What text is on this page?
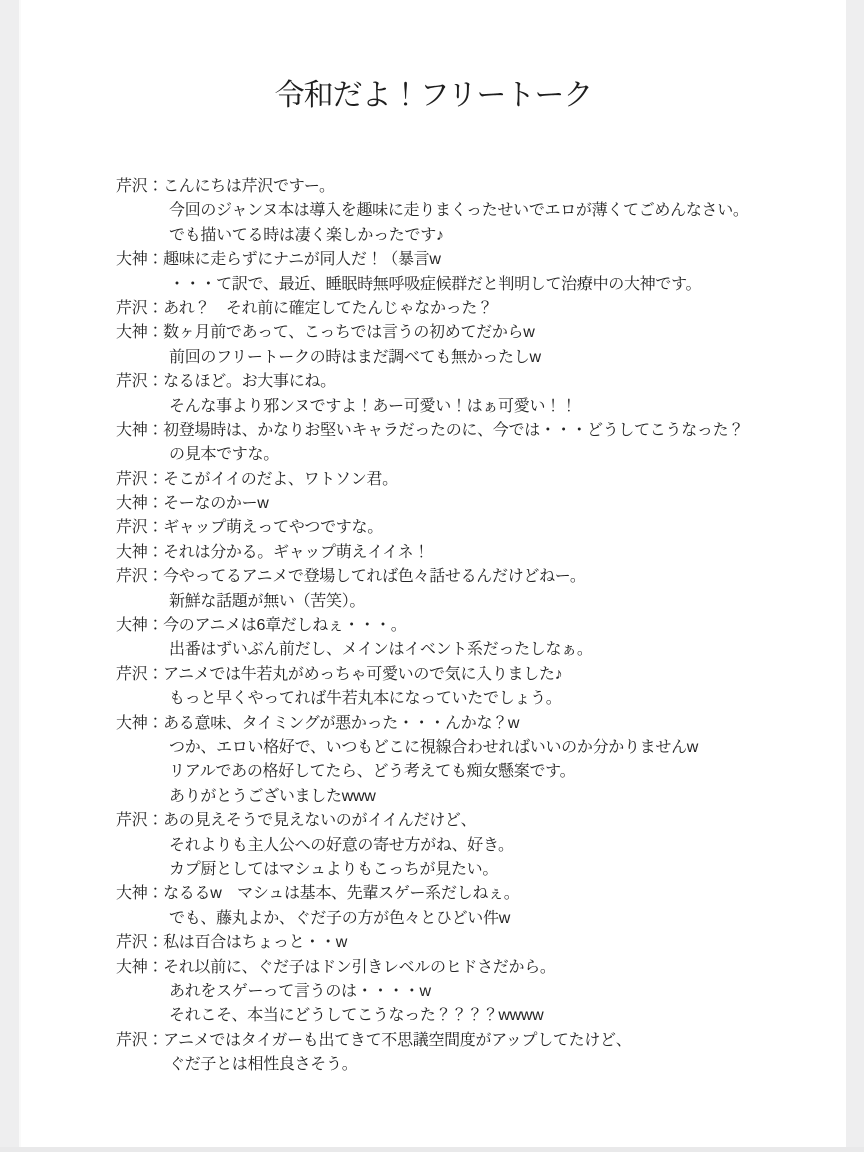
令和だよ！フリートーク
芹沢：こんにちは芹沢ですー。
今回のジャンヌ本は導入を趣味に走りまくったせいでエロが薄くてごめんなさい。
でも描いてる時は凄く楽しかったです♪
大神：趣味に走らずにナニが同人だ！（暴言w
・・・て訳で、最近、睡眠時無呼吸症候群だと判明して治療中の大神です。
芹沢：あれ？　それ前に確定してたんじゃなかった？
大神：数ヶ月前であって、こっちでは言うの初めてだからw
前回のフリートークの時はまだ調べても無かったしw
芹沢：なるほど。お大事にね。
そんな事より邪ンヌですよ！あー可愛い！はぁ可愛い！！
大神：初登場時は、かなりお堅いキャラだったのに、今では・・・どうしてこうなった？
の見本ですな。
芹沢：そこがイイのだよ、ワトソン君。
大神：そーなのかーw
芹沢：ギャップ萌えってやつですな。
大神：それは分かる。ギャップ萌えイイネ！
芹沢：今やってるアニメで登場してれば色々話せるんだけどねー。
新鮮な話題が無い（苦笑）。
大神：今のアニメは6章だしねぇ・・・。
出番はずいぶん前だし、メインはイベント系だったしなぁ。
芹沢：アニメでは牛若丸がめっちゃ可愛いので気に入りました♪
もっと早くやってれば牛若丸本になっていたでしょう。
大神：ある意味、タイミングが悪かった・・・んかな？w
つか、エロい格好で、いつもどこに視線合わせればいいのか分かりませんw
リアルであの格好してたら、どう考えても痴女懸案です。
ありがとうございましたwww
芹沢：あの見えそうで見えないのがイイんだけど、
それよりも主人公への好意の寄せ方がね、好き。
カプ厨としてはマシュよりもこっちが見たい。
大神：なるるw　マシュは基本、先輩スゲー系だしねぇ。
でも、藤丸よか、ぐだ子の方が色々とひどい件w
芹沢：私は百合はちょっと・・w
大神：それ以前に、ぐだ子はドン引きレベルのヒドさだから。
あれをスゲーって言うのは・・・・w
それこそ、本当にどうしてこうなった？？？？wwww
芹沢：アニメではタイガーも出てきて不思議空間度がアップしてたけど、
ぐだ子とは相性良さそう。
